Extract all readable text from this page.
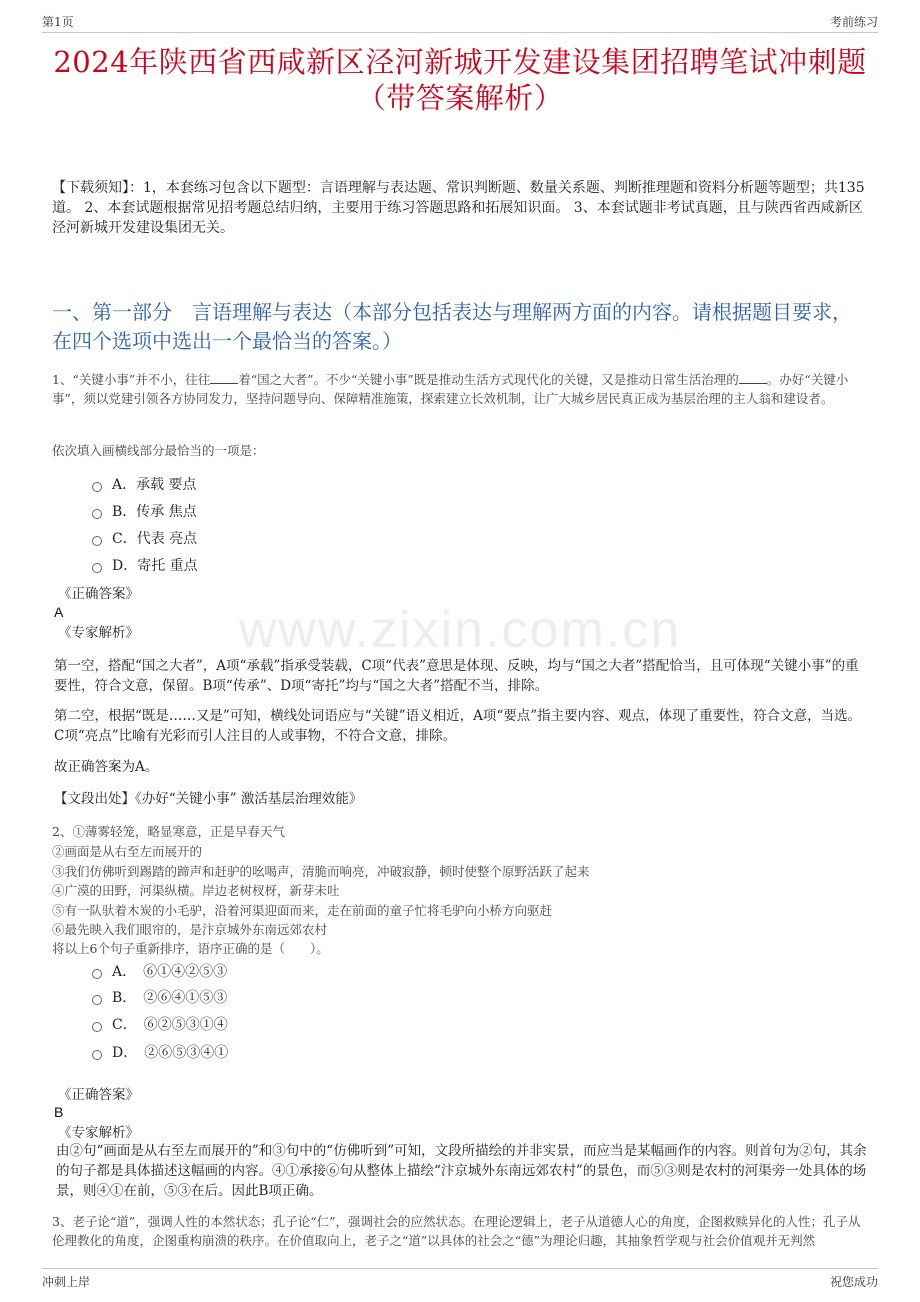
第1页	考前练习
2024年陕西省西咸新区泾河新城开发建设集团招聘笔试冲刺题
（带答案解析）
【下载须知】：1，本套练习包含以下题型：言语理解与表达题、常识判断题、数量关系题、判断推理题和资料分析题等题型；共135道。 2、本套试题根据常见招考题总结归纳，主要用于练习答题思路和拓展知识面。 3、本套试题非考试真题，且与陕西省西咸新区泾河新城开发建设集团无关。
一、第一部分　言语理解与表达（本部分包括表达与理解两方面的内容。请根据题目要求，在四个选项中选出一个最恰当的答案。）
www.zixin.com.cn
1、“关键小事”并不小，往往 着“国之大者”。不少“关键小事”既是推动生活方式现代化的关键，又是推动日常生活治理的 。办好“关键小事”，须以党建引领各方协同发力，坚持问题导向、保障精准施策，探索建立长效机制，让广大城乡居民真正成为基层治理的主人翁和建设者。
依次填入画横线部分最恰当的一项是：
A．承载 要点
B．传承 焦点
C．代表 亮点
D．寄托 重点
《正确答案》
A
《专家解析》
第一空，搭配“国之大者”，A项“承载”指承受装载，C项“代表”意思是体现、反映，均与“国之大者”搭配恰当，且可体现“关键小事”的重要性，符合文意，保留。B项“传承”、D项“寄托”均与“国之大者”搭配不当，排除。
第二空，根据“既是……又是”可知，横线处词语应与“关键”语义相近，A项“要点”指主要内容、观点，体现了重要性，符合文意，当选。C项“亮点”比喻有光彩而引人注目的人或事物，不符合文意，排除。
故正确答案为A。
【文段出处】《办好“关键小事” 激活基层治理效能》
2、①薄雾轻笼，略显寒意，正是早春天气
②画面是从右至左而展开的
③我们仿佛听到踢踏的蹄声和赶驴的吆喝声，清脆而响亮，冲破寂静，顿时使整个原野活跃了起来
④广漠的田野，河渠纵横。岸边老树杈枒，新芽未吐
⑤有一队驮着木炭的小毛驴，沿着河渠迎面而来，走在前面的童子忙将毛驴向小桥方向驱赶
⑥最先映入我们眼帘的，是汴京城外东南远郊农村
将以上6个句子重新排序，语序正确的是（　　）。
A．　⑥①④②⑤③
B．　②⑥④①⑤③
C．　⑥②⑤③①④
D．　②⑥⑤③④①
《正确答案》
B
《专家解析》
由②句“画面是从右至左而展开的”和③句中的“仿佛听到”可知，文段所描绘的并非实景，而应当是某幅画作的内容。则首句为②句，其余的句子都是具体描述这幅画的内容。④①承接⑥句从整体上描绘“汴京城外东南远郊农村”的景色，而⑤③则是农村的河渠旁一处具体的场景，则④①在前，⑤③在后。因此B项正确。
3、老子论“道”，强调人性的本然状态；孔子论“仁”，强调社会的应然状态。在理论逻辑上，老子从道德人心的角度，企图救赎异化的人性；孔子从伦理教化的角度，企图重构崩溃的秩序。在价值取向上，老子之“道”以具体的社会之“德”为理论归趣，其抽象哲学观与社会价值观并无判然
冲刺上岸	祝您成功
